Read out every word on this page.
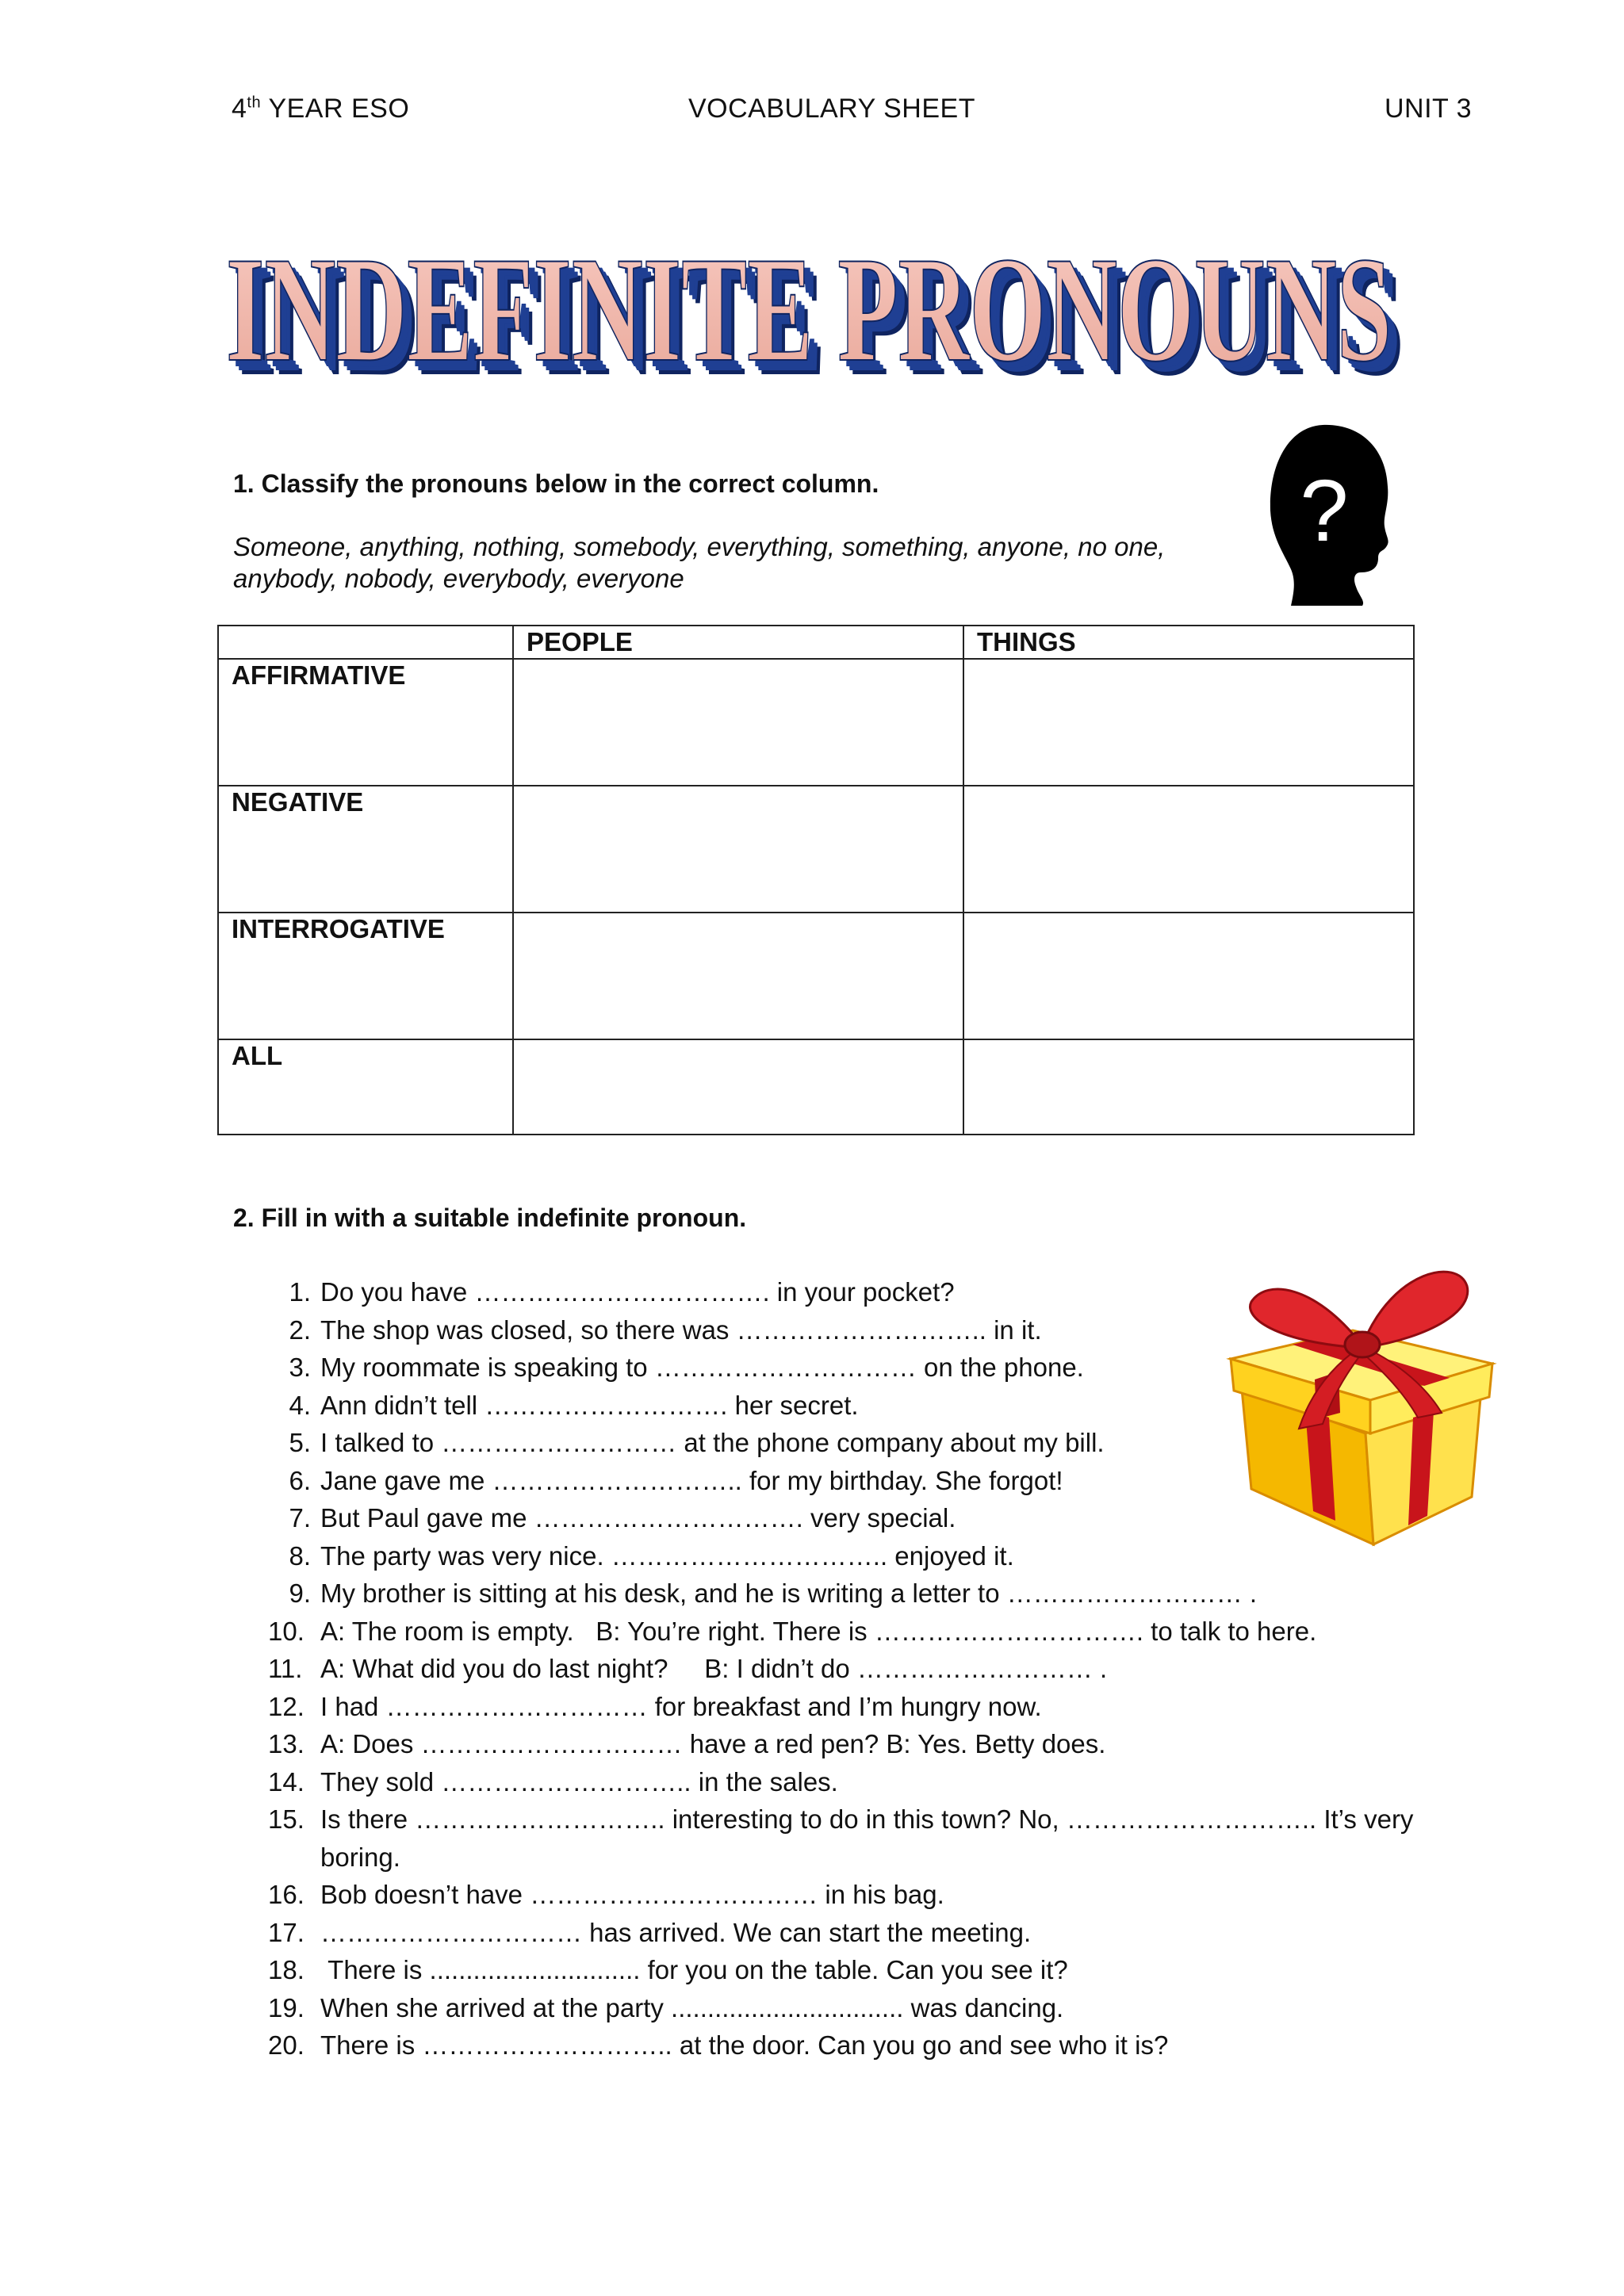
4th YEAR ESO	VOCABULARY SHEET	UNIT 3
INDEFINITE PRONOUNS
INDEFINITE PRONOUNS
INDEFINITE PRONOUNS
INDEFINITE PRONOUNS
1. Classify the pronouns below in the correct column.
Someone, anything, nothing, somebody, everything, something, anyone, no one,
anybody, nobody, everybody, everyone
?
	PEOPLE	THINGS
AFFIRMATIVE		
NEGATIVE		
INTERROGATIVE		
ALL		
2. Fill in with a suitable indefinite pronoun.
1. Do you have ……………………………. in your pocket?
2. The shop was closed, so there was ……………………….. in it.
3. My roommate is speaking to ………………………… on the phone.
4. Ann didn’t tell ………………………. her secret.
5. I talked to ……………………… at the phone company about my bill.
6. Jane gave me ……………………….. for my birthday. She forgot!
7. But Paul gave me …………………………. very special.
8. The party was very nice. ………………………….. enjoyed it.
9. My brother is sitting at his desk, and he is writing a letter to ……………………… .
10. A: The room is empty.   B: You’re right. There is …………………………. to talk to here.
11. A: What did you do last night?     B: I didn’t do ……………………… .
12. I had ………………………… for breakfast and I’m hungry now.
13. A: Does ………………………… have a red pen? B: Yes. Betty does.
14. They sold ……………………….. in the sales.
15. Is there ……………………….. interesting to do in this town? No, ……………………….. It’s very
boring.
16. Bob doesn’t have …………………………… in his bag.
17. ………………………… has arrived. We can start the meeting.
18. There is ............................. for you on the table. Can you see it?
19. When she arrived at the party ................................ was dancing.
20. There is ……………………….. at the door. Can you go and see who it is?
